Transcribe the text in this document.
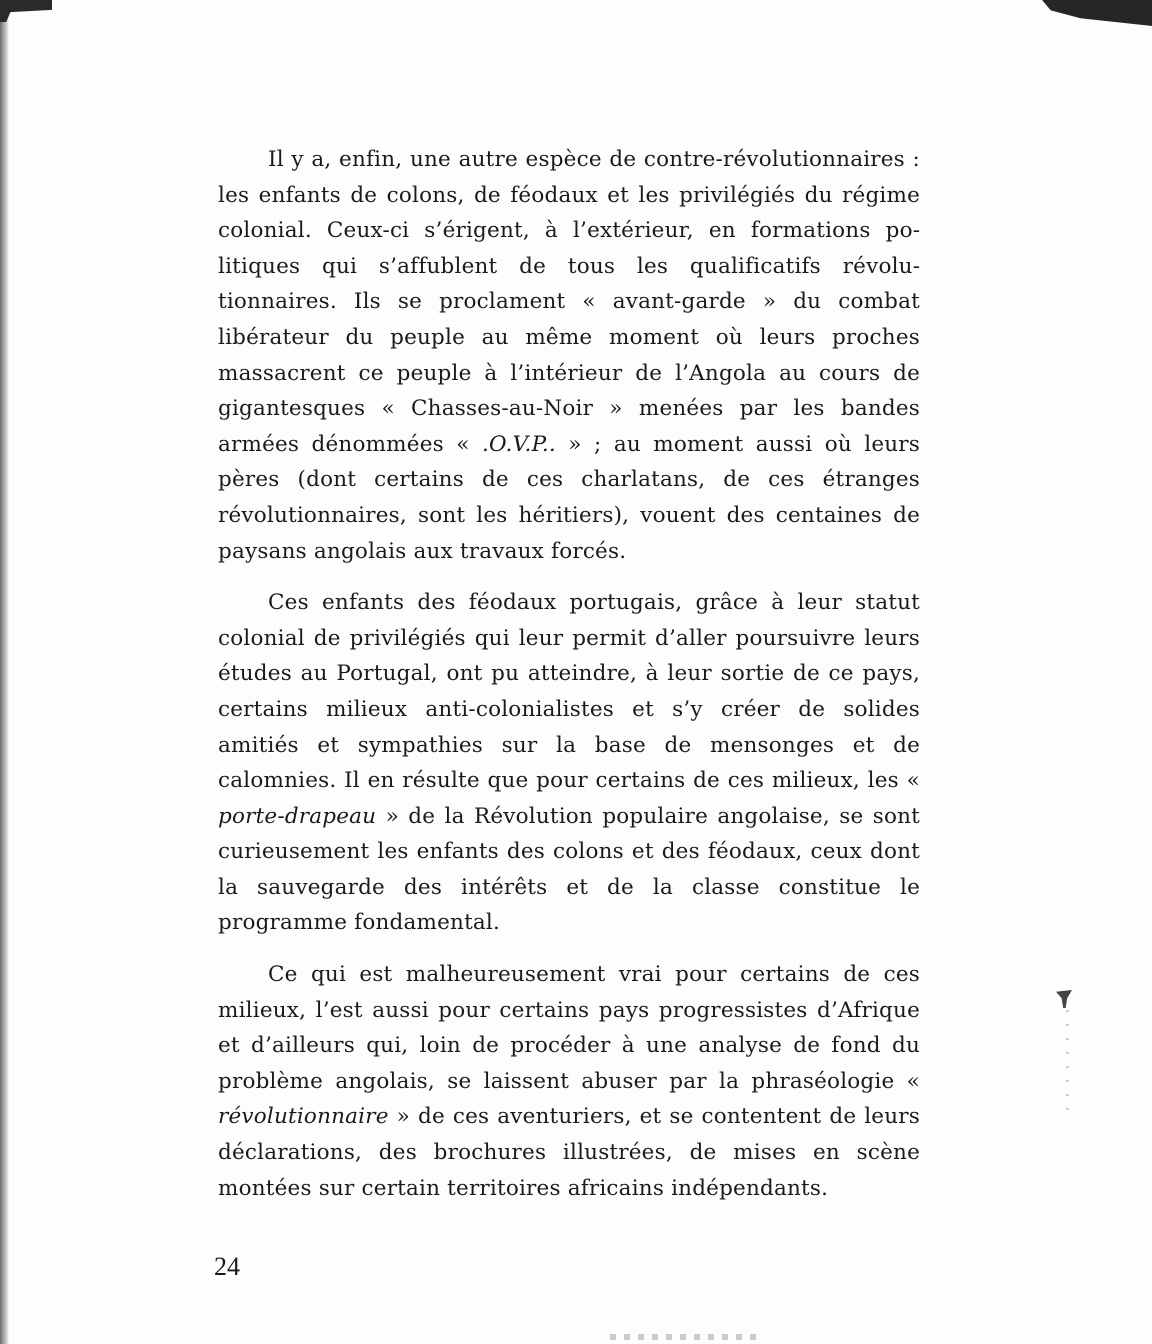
Il y a, enfin, une autre espèce de contre-révolutionnaires : les enfants de colons, de féodaux et les privilégiés du régime colonial. Ceux-ci s’érigent, à l’extérieur, en formations politiques qui s’affublent de tous les qualificatifs révolutionnaires. Ils se proclament « avant-garde » du combat libérateur du peuple au même moment où leurs proches massacrent ce peuple à l’intérieur de l’Angola au cours de gigantesques « Chasses-au-Noir » menées par les bandes armées dénommées « .O.V.P.. » ; au moment aussi où leurs pères (dont certains de ces charlatans, de ces étranges révolutionnaires, sont les héritiers), vouent des centaines de paysans angolais aux travaux forcés.

Ces enfants des féodaux portugais, grâce à leur statut colonial de privilégiés qui leur permit d’aller poursuivre leurs études au Portugal, ont pu atteindre, à leur sortie de ce pays, certains milieux anti-colonialistes et s’y créer de solides amitiés et sympathies sur la base de mensonges et de calomnies. Il en résulte que pour certains de ces milieux, les « porte-drapeau » de la Révolution populaire angolaise, se sont curieusement les enfants des colons et des féodaux, ceux dont la sauvegarde des intérêts et de la classe constitue le programme fondamental.

Ce qui est malheureusement vrai pour certains de ces milieux, l’est aussi pour certains pays progressistes d’Afrique et d’ailleurs qui, loin de procéder à une analyse de fond du problème angolais, se laissent abuser par la phraséologie « révolutionnaire » de ces aventuriers, et se contentent de leurs déclarations, des brochures illustrées, de mises en scène montées sur certain territoires africains indépendants.

24
